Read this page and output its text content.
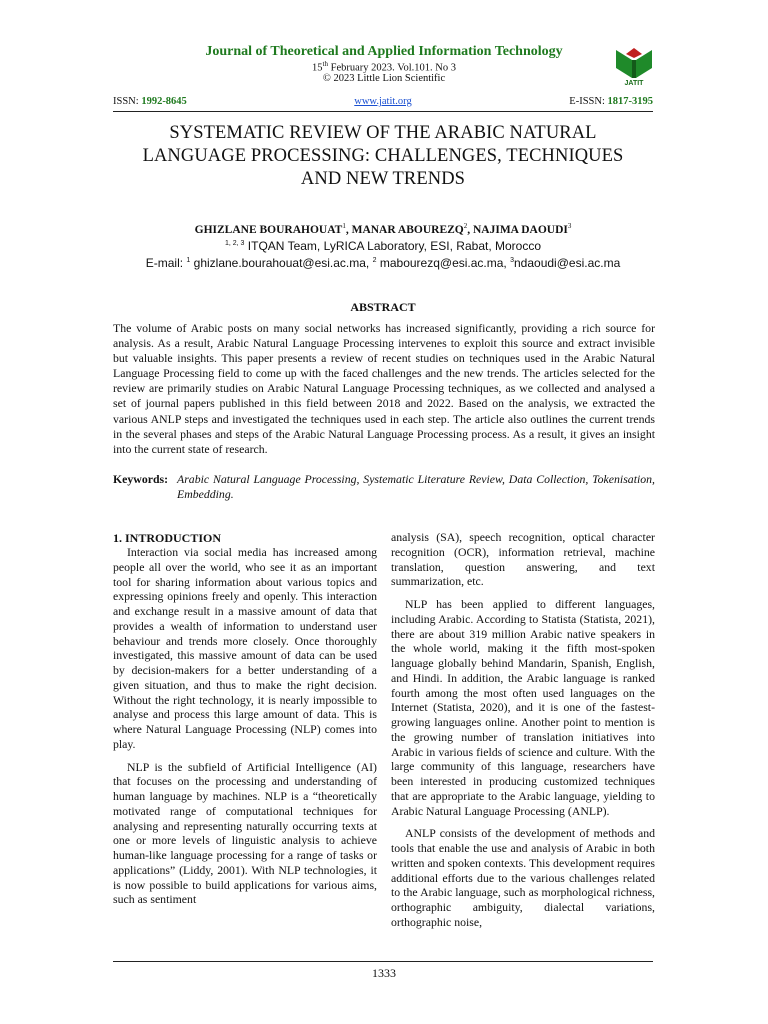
Journal of Theoretical and Applied Information Technology
15th February 2023. Vol.101. No 3
© 2023 Little Lion Scientific	JATIT
ISSN: 1992-8645	www.jatit.org	E-ISSN: 1817-3195
SYSTEMATIC REVIEW OF THE ARABIC NATURAL
LANGUAGE PROCESSING: CHALLENGES, TECHNIQUES
AND NEW TRENDS
GHIZLANE BOURAHOUAT$^1$, MANAR ABOUREZQ$^2$, NAJIMA DAOUDI$^3$
$^{1, 2, 3}$ ITQAN Team, LyRICA Laboratory, ESI, Rabat, Morocco
E-mail: $^1$ ghizlane.bourahouat@esi.ac.ma, $^2$ mabourezq@esi.ac.ma, $^3$ndaoudi@esi.ac.ma
ABSTRACT
The volume of Arabic posts on many social networks has increased significantly, providing a rich source for analysis. As a result, Arabic Natural Language Processing intervenes to exploit this source and extract invisible but valuable insights. This paper presents a review of recent studies on techniques used in the Arabic Natural Language Processing field to come up with the faced challenges and the new trends. The articles selected for the review are primarily studies on Arabic Natural Language Processing techniques, as we collected and analysed a set of journal papers published in this field between 2018 and 2022. Based on the analysis, we extracted the various ANLP steps and investigated the techniques used in each step. The article also outlines the current trends in the several phases and steps of the Arabic Natural Language Processing process. As a result, it gives an insight into the current state of research.
Keywords: Arabic Natural Language Processing, Systematic Literature Review, Data Collection, Tokenisation, Embedding.
1. INTRODUCTION

Interaction via social media has increased among people all over the world, who see it as an important tool for sharing information about various topics and expressing opinions freely and openly. This interaction and exchange result in a massive amount of data that provides a wealth of information to understand user behaviour and trends more closely. Once thoroughly investigated, this massive amount of data can be used by decision-makers for a better understanding of a given situation, and thus to make the right decision. Without the right technology, it is nearly impossible to analyse and process this large amount of data. This is where Natural Language Processing (NLP) comes into play.

NLP is the subfield of Artificial Intelligence (AI) that focuses on the processing and understanding of human language by machines. NLP is a “theoretically motivated range of computational techniques for analysing and representing naturally occurring texts at one or more levels of linguistic analysis to achieve human-like language processing for a range of tasks or applications” (Liddy, 2001). With NLP technologies, it is now possible to build applications for various aims, such as sentiment

analysis (SA), speech recognition, optical character recognition (OCR), information retrieval, machine translation, question answering, and text summarization, etc.

NLP has been applied to different languages, including Arabic. According to Statista (Statista, 2021), there are about 319 million Arabic native speakers in the whole world, making it the fifth most-spoken language globally behind Mandarin, Spanish, English, and Hindi. In addition, the Arabic language is ranked fourth among the most often used languages on the Internet (Statista, 2020), and it is one of the fastest-growing languages online. Another point to mention is the growing number of translation initiatives into Arabic in various fields of science and culture. With the large community of this language, researchers have been interested in producing customized techniques that are appropriate to the Arabic language, yielding to Arabic Natural Language Processing (ANLP).

ANLP consists of the development of methods and tools that enable the use and analysis of Arabic in both written and spoken contexts. This development requires additional efforts due to the various challenges related to the Arabic language, such as morphological richness, orthographic ambiguity, dialectal variations, orthographic noise,

1333
